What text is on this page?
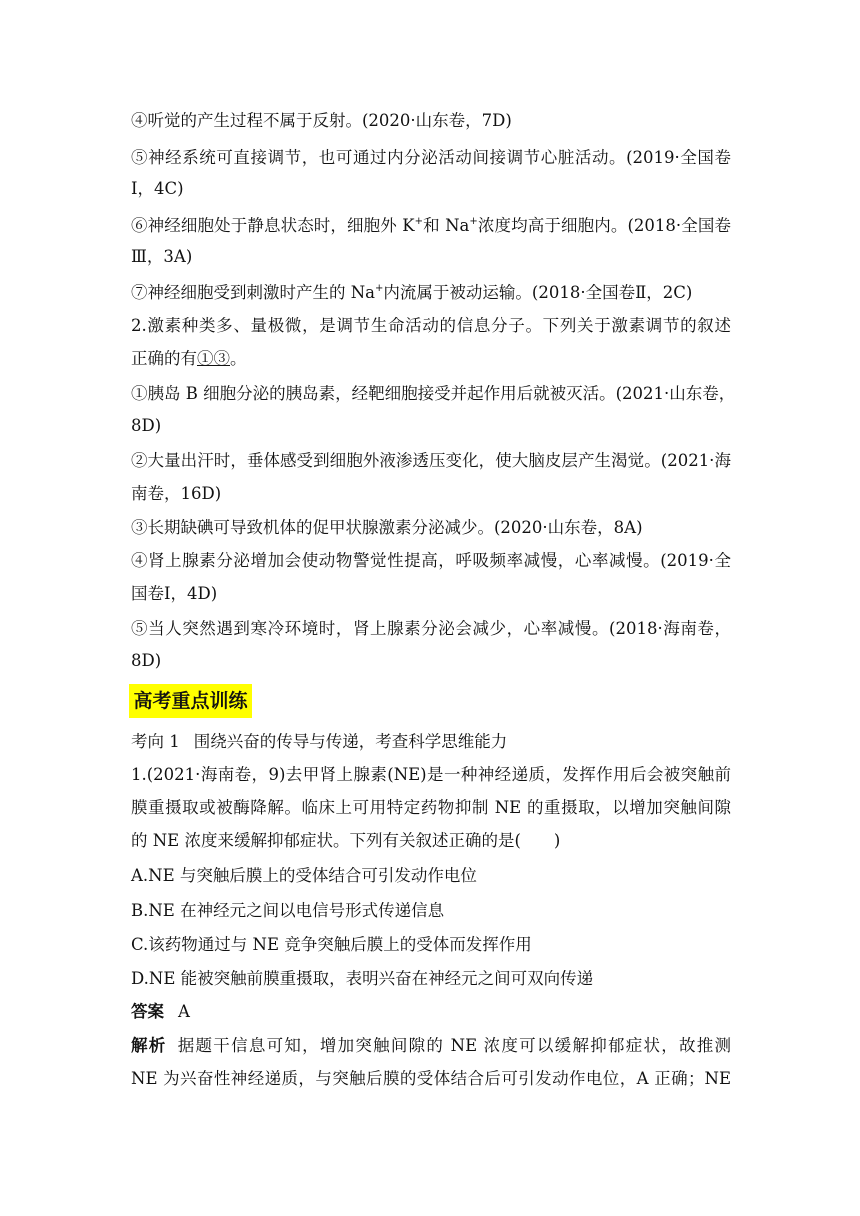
④听觉的产生过程不属于反射。(2020·山东卷，7D)
⑤神经系统可直接调节，也可通过内分泌活动间接调节心脏活动。(2019·全国卷
Ⅰ，4C)
⑥神经细胞处于静息状态时，细胞外 K+和 Na+浓度均高于细胞内。(2018·全国卷
Ⅲ，3A)
⑦神经细胞受到刺激时产生的 Na+内流属于被动运输。(2018·全国卷Ⅱ，2C)
2.激素种类多、量极微，是调节生命活动的信息分子。下列关于激素调节的叙述
正确的有①③。
①胰岛 B 细胞分泌的胰岛素，经靶细胞接受并起作用后就被灭活。(2021·山东卷，
8D)
②大量出汗时，垂体感受到细胞外液渗透压变化，使大脑皮层产生渴觉。(2021·海
南卷，16D)
③长期缺碘可导致机体的促甲状腺激素分泌减少。(2020·山东卷，8A)
④肾上腺素分泌增加会使动物警觉性提高，呼吸频率减慢，心率减慢。(2019·全
国卷Ⅰ，4D)
⑤当人突然遇到寒冷环境时，肾上腺素分泌会减少，心率减慢。(2018·海南卷，
8D)
高考重点训练
考向 1 围绕兴奋的传导与传递，考查科学思维能力
1.(2021·海南卷，9)去甲肾上腺素(NE)是一种神经递质，发挥作用后会被突触前
膜重摄取或被酶降解。临床上可用特定药物抑制 NE 的重摄取，以增加突触间隙
的 NE 浓度来缓解抑郁症状。下列有关叙述正确的是(　　)
A.NE 与突触后膜上的受体结合可引发动作电位
B.NE 在神经元之间以电信号形式传递信息
C.该药物通过与 NE 竞争突触后膜上的受体而发挥作用
D.NE 能被突触前膜重摄取，表明兴奋在神经元之间可双向传递
答案 A
解析 据题干信息可知，增加突触间隙的 NE 浓度可以缓解抑郁症状，故推测
NE 为兴奋性神经递质，与突触后膜的受体结合后可引发动作电位，A 正确；NE
